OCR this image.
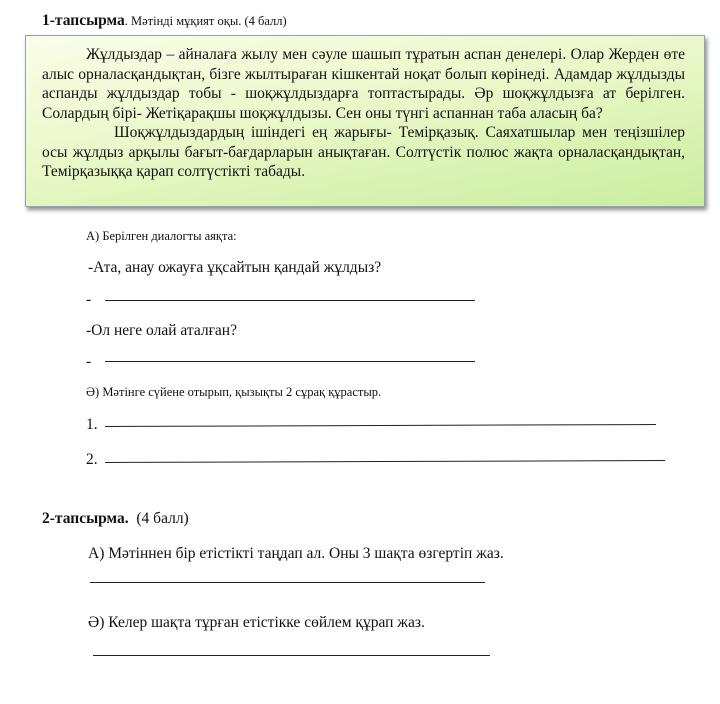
1-тапсырма. Мәтінді мұқият оқы. (4 балл)

Жұлдыздар – айналаға жылу мен сәуле шашып тұратын аспан денелері. Олар Жерден өте алыс орналасқандықтан, бізге жылтыраған кішкентай ноқат болып көрінеді. Адамдар жұлдызды аспанды жұлдыздар тобы - шоқжұлдыздарға топтастырады. Әр шоқжұлдызға ат берілген. Солардың бірі- Жетіқарақшы шоқжұлдызы. Сен оны түнгі аспаннан таба аласың ба?

Шоқжұлдыздардың ішіндегі ең жарығы- Темірқазық. Саяхатшылар мен теңізшілер осы жұлдыз арқылы бағыт-бағдарларын анықтаған. Солтүстік полюс жақта орналасқандықтан, Темірқазыққа қарап солтүстікті табады.

А) Берілген диалогты аяқта:
-Ата, анау ожауға ұқсайтын қандай жұлдыз?
-
-Ол неге олай аталған?
-
Ә) Мәтінге сүйене отырып, қызықты 2 сұрақ құрастыр.
1.
2.
2-тапсырма. (4 балл)
А) Мәтіннен бір етістікті таңдап ал. Оны 3 шақта өзгертіп жаз.
Ә) Келер шақта тұрған етістікке сөйлем құрап жаз.
